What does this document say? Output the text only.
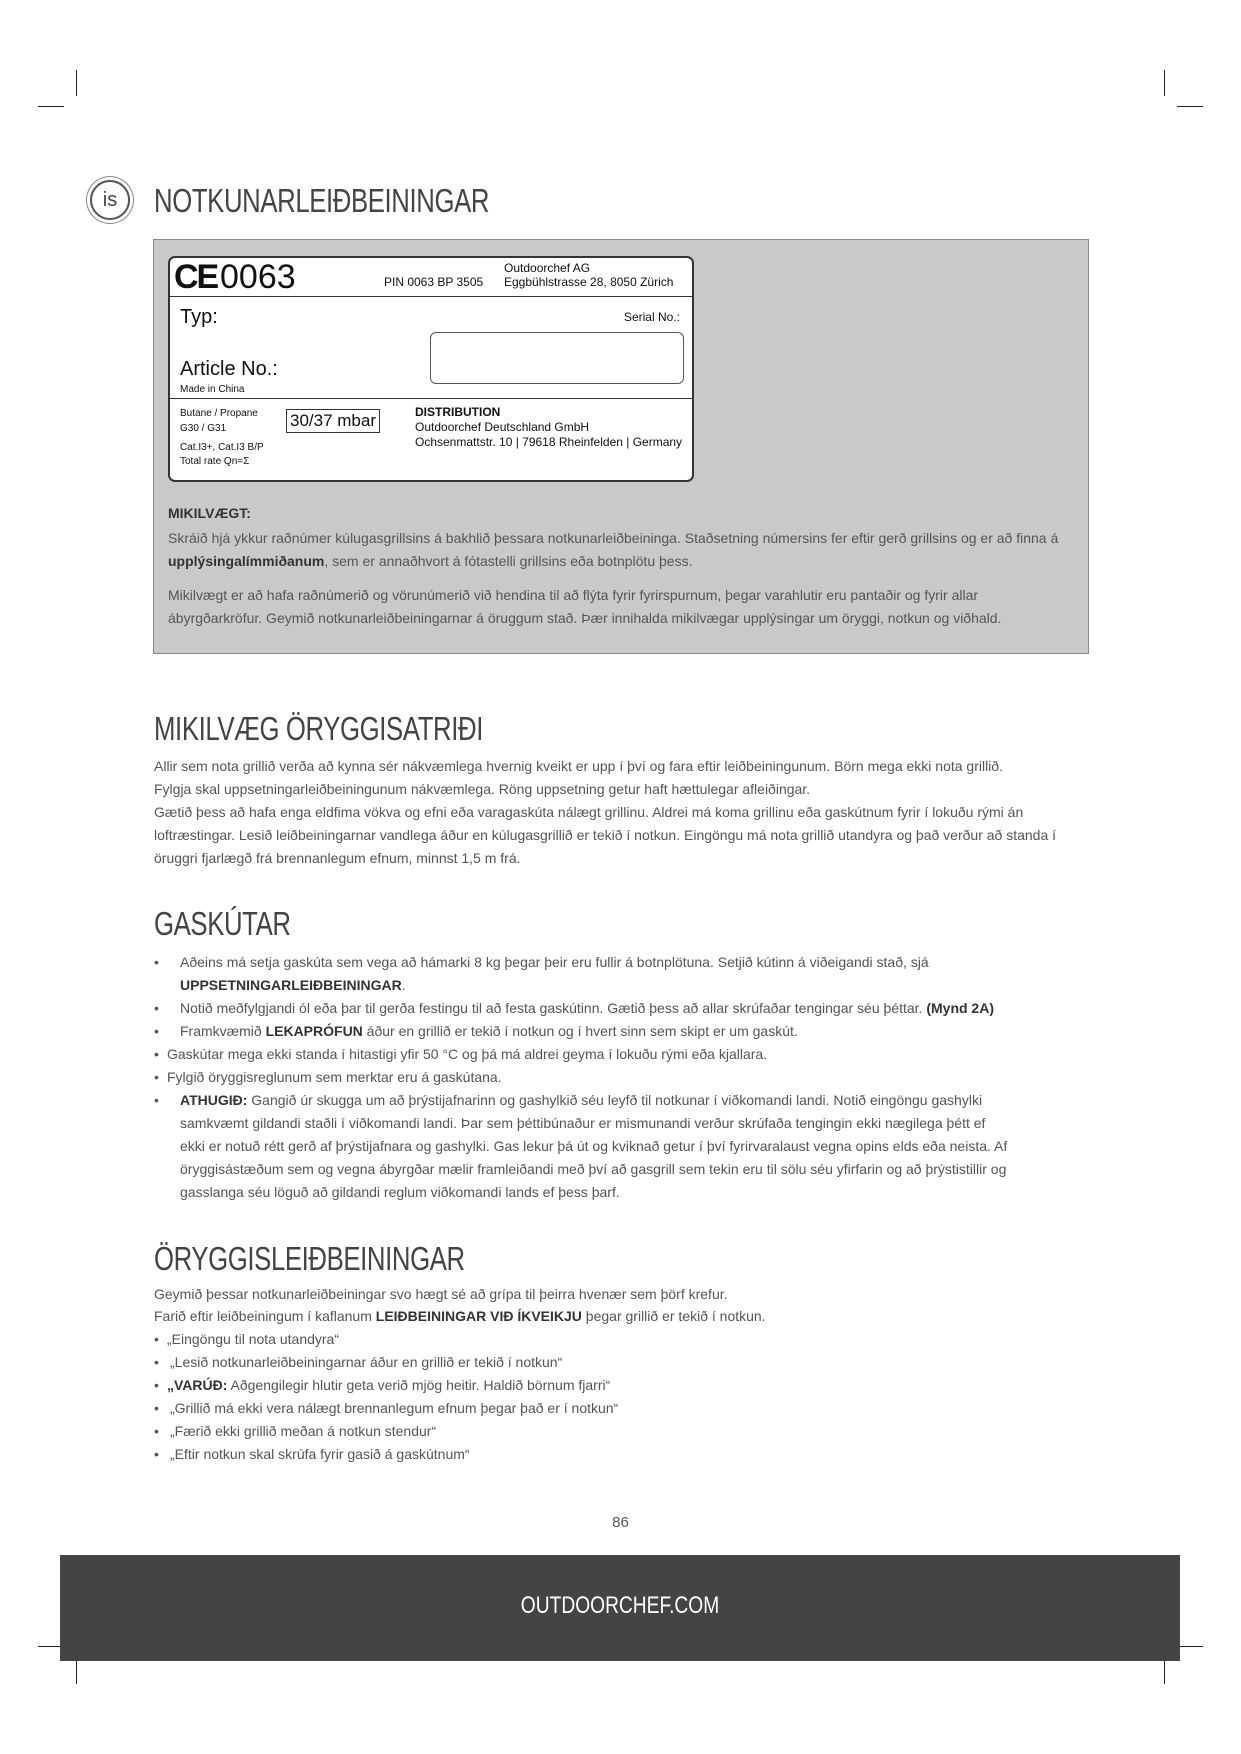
is	NOTKUNARLEIÐBEININGAR
CE 0063	PIN 0063 BP 3505
Outdoorchef AG
Eggbühlstrasse 28, 8050 Zürich
Typ:	Serial No.:
Article No.:
Made in China
Butane / Propane
G30 / G31
Cat.I3+, Cat.I3 B/P
Total rate Qn=Σ
30/37 mbar	DISTRIBUTION
Outdoorchef Deutschland GmbH
Ochsenmattstr. 10 | 79618 Rheinfelden | Germany
MIKILVÆGT:

Skráið hjá ykkur raðnúmer kúlugasgrillsins á bakhlið þessara notkunarleiðbeininga. Staðsetning númersins fer eftir gerð grillsins og er að finna á upplýsingalímmiðanum, sem er annaðhvort á fótastelli grillsins eða botnplötu þess.

Mikilvægt er að hafa raðnúmerið og vörunúmerið við hendina til að flýta fyrir fyrirspurnum, þegar varahlutir eru pantaðir og fyrir allar ábyrgðarkröfur. Geymið notkunarleiðbeiningarnar á öruggum stað. Þær innihalda mikilvægar upplýsingar um öryggi, notkun og viðhald.

MIKILVÆG ÖRYGGISATRIÐI

Allir sem nota grillið verða að kynna sér nákvæmlega hvernig kveikt er upp í því og fara eftir leiðbeiningunum. Börn mega ekki nota grillið.

Fylgja skal uppsetningarleiðbeiningunum nákvæmlega. Röng uppsetning getur haft hættulegar afleiðingar.

Gætið þess að hafa enga eldfima vökva og efni eða varagaskúta nálægt grillinu. Aldrei má koma grillinu eða gaskútnum fyrir í lokuðu rými án loftræstingar. Lesið leiðbeiningarnar vandlega áður en kúlugasgrillið er tekið í notkun. Eingöngu má nota grillið utandyra og það verður að standa í öruggri fjarlægð frá brennanlegum efnum, minnst 1,5 m frá.

GASKÚTAR
• Aðeins má setja gaskúta sem vega að hámarki 8 kg þegar þeir eru fullir á botnplötuna. Setjið kútinn á viðeigandi stað, sjá
UPPSETNINGARLEIÐBEININGAR.
• Notið meðfylgjandi ól eða þar til gerða festingu til að festa gaskútinn. Gætið þess að allar skrúfaðar tengingar séu þéttar. (Mynd 2A)
• Framkvæmið LEKAPRÓFUN áður en grillið er tekið í notkun og í hvert sinn sem skipt er um gaskút.
• Gaskútar mega ekki standa í hitastigi yfir 50 °C og þá má aldrei geyma í lokuðu rými eða kjallara.
• Fylgið öryggisreglunum sem merktar eru á gaskútana.
• ATHUGIÐ: Gangið úr skugga um að þrýstijafnarinn og gashylkið séu leyfð til notkunar í viðkomandi landi. Notið eingöngu gashylki
samkvæmt gildandi staðli í viðkomandi landi. Þar sem þéttibúnaður er mismunandi verður skrúfaða tengingin ekki nægilega þétt ef
ekki er notuð rétt gerð af þrýstijafnara og gashylki. Gas lekur þá út og kviknað getur í því fyrirvaralaust vegna opins elds eða neista. Af
öryggisástæðum sem og vegna ábyrgðar mælir framleiðandi með því að gasgrill sem tekin eru til sölu séu yfirfarin og að þrýstistillir og
gasslanga séu löguð að gildandi reglum viðkomandi lands ef þess þarf.
ÖRYGGISLEIÐBEININGAR
Geymið þessar notkunarleiðbeiningar svo hægt sé að grípa til þeirra hvenær sem þörf krefur.
Farið eftir leiðbeiningum í kaflanum LEIÐBEININGAR VIÐ ÍKVEIKJU þegar grillið er tekið í notkun.
• „Eingöngu til nota utandyra“
• „Lesið notkunarleiðbeiningarnar áður en grillið er tekið í notkun“
• „VARÚÐ: Aðgengilegir hlutir geta verið mjög heitir. Haldið börnum fjarri“
• „Grillið má ekki vera nálægt brennanlegum efnum þegar það er í notkun“
• „Færið ekki grillið meðan á notkun stendur“
• „Eftir notkun skal skrúfa fyrir gasið á gaskútnum“
86
OUTDOORCHEF.COM
